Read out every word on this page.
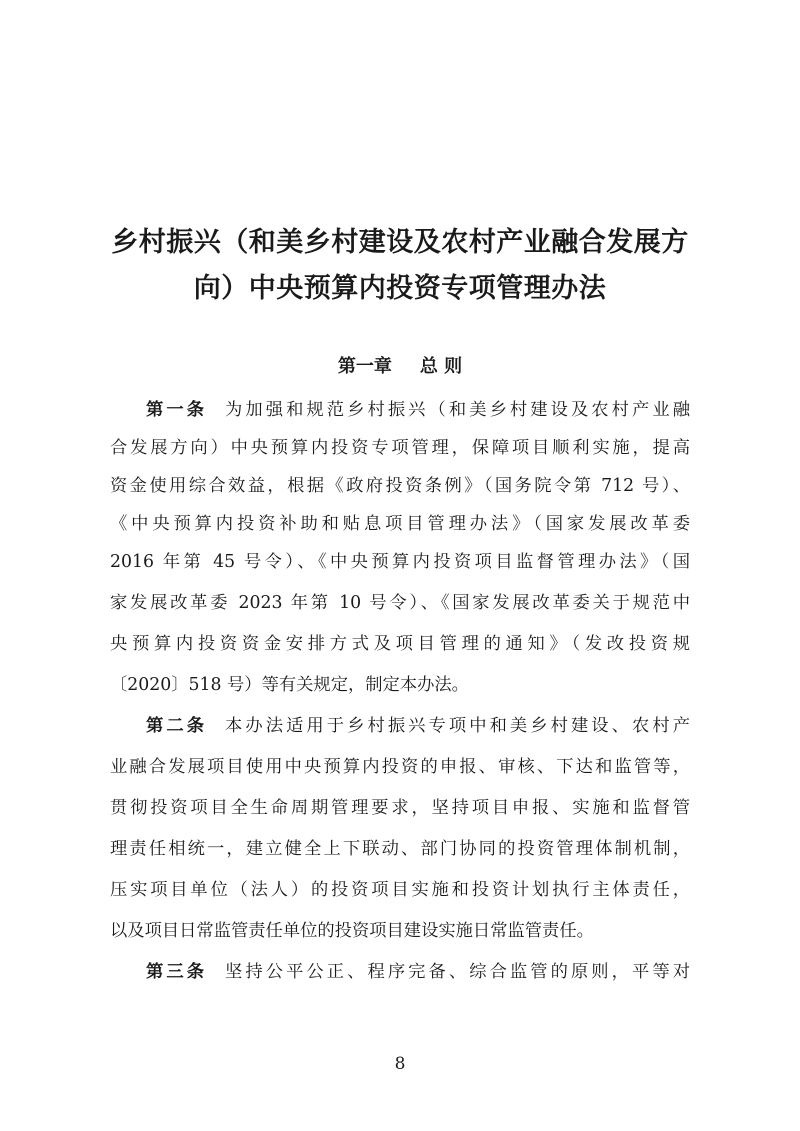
乡村振兴（和美乡村建设及农村产业融合发展方
向）中央预算内投资专项管理办法
第一章 总 则
第一条 为加强和规范乡村振兴（和美乡村建设及农村产业融
合发展方向）中央预算内投资专项管理，保障项目顺利实施，提高
资金使用综合效益，根据《政府投资条例》（国务院令第 712 号）、
《中央预算内投资补助和贴息项目管理办法》（国家发展改革委
2016 年第 45 号令）、《中央预算内投资项目监督管理办法》（国
家发展改革委 2023 年第 10 号令）、《国家发展改革委关于规范中
央预算内投资资金安排方式及项目管理的通知》（发改投资规
〔2020〕518 号）等有关规定，制定本办法。
第二条 本办法适用于乡村振兴专项中和美乡村建设、农村产
业融合发展项目使用中央预算内投资的申报、审核、下达和监管等，
贯彻投资项目全生命周期管理要求，坚持项目申报、实施和监督管
理责任相统一，建立健全上下联动、部门协同的投资管理体制机制，
压实项目单位（法人）的投资项目实施和投资计划执行主体责任，
以及项目日常监管责任单位的投资项目建设实施日常监管责任。
第三条 坚持公平公正、程序完备、综合监管的原则，平等对
8
